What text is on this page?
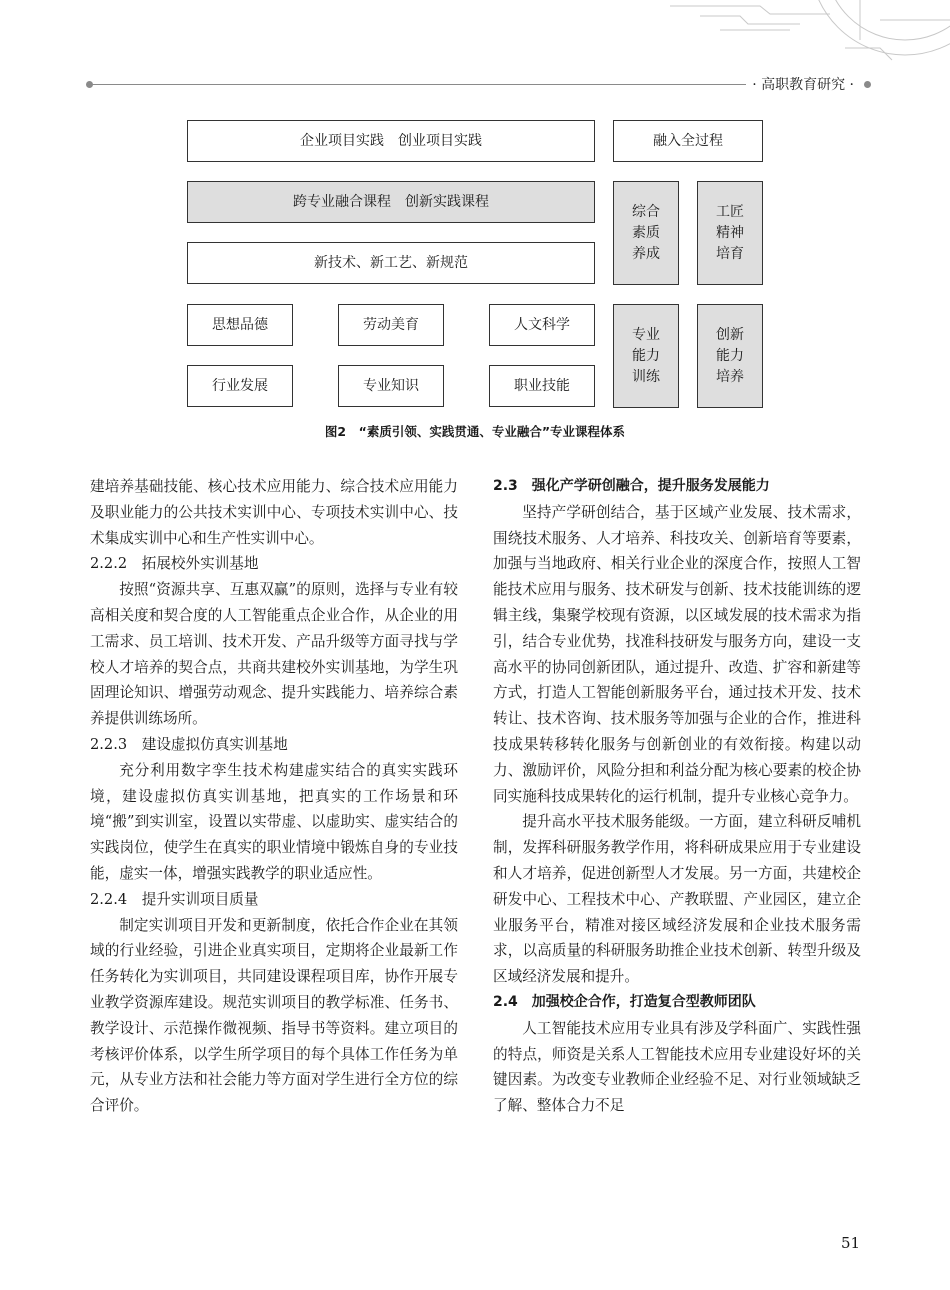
· 高职教育研究 ·
企业项目实践　创业项目实践
跨专业融合课程　创新实践课程
新技术、新工艺、新规范
思想品德	劳动美育	人文科学
行业发展	专业知识	职业技能
融入全过程
综合素质养成
工匠精神培育
专业能力训练
创新能力培养
图2　“素质引领、实践贯通、专业融合”专业课程体系

建培养基础技能、核心技术应用能力、综合技术应用能力及职业能力的公共技术实训中心、专项技术实训中心、技术集成实训中心和生产性实训中心。

2.2.2　拓展校外实训基地

按照“资源共享、互惠双赢”的原则，选择与专业有较高相关度和契合度的人工智能重点企业合作，从企业的用工需求、员工培训、技术开发、产品升级等方面寻找与学校人才培养的契合点，共商共建校外实训基地，为学生巩固理论知识、增强劳动观念、提升实践能力、培养综合素养提供训练场所。

2.2.3　建设虚拟仿真实训基地

充分利用数字孪生技术构建虚实结合的真实实践环境，建设虚拟仿真实训基地，把真实的工作场景和环境“搬”到实训室，设置以实带虚、以虚助实、虚实结合的实践岗位，使学生在真实的职业情境中锻炼自身的专业技能，虚实一体，增强实践教学的职业适应性。

2.2.4　提升实训项目质量

制定实训项目开发和更新制度，依托合作企业在其领域的行业经验，引进企业真实项目，定期将企业最新工作任务转化为实训项目，共同建设课程项目库，协作开展专业教学资源库建设。规范实训项目的教学标准、任务书、教学设计、示范操作微视频、指导书等资料。建立项目的考核评价体系，以学生所学项目的每个具体工作任务为单元，从专业方法和社会能力等方面对学生进行全方位的综合评价。

2.3　强化产学研创融合，提升服务发展能力

坚持产学研创结合，基于区域产业发展、技术需求，围绕技术服务、人才培养、科技攻关、创新培育等要素，加强与当地政府、相关行业企业的深度合作，按照人工智能技术应用与服务、技术研发与创新、技术技能训练的逻辑主线，集聚学校现有资源，以区域发展的技术需求为指引，结合专业优势，找准科技研发与服务方向，建设一支高水平的协同创新团队，通过提升、改造、扩容和新建等方式，打造人工智能创新服务平台，通过技术开发、技术转让、技术咨询、技术服务等加强与企业的合作，推进科技成果转移转化服务与创新创业的有效衔接。构建以动力、激励评价，风险分担和利益分配为核心要素的校企协同实施科技成果转化的运行机制，提升专业核心竞争力。

提升高水平技术服务能级。一方面，建立科研反哺机制，发挥科研服务教学作用，将科研成果应用于专业建设和人才培养，促进创新型人才发展。另一方面，共建校企研发中心、工程技术中心、产教联盟、产业园区，建立企业服务平台，精准对接区域经济发展和企业技术服务需求，以高质量的科研服务助推企业技术创新、转型升级及区域经济发展和提升。

2.4　加强校企合作，打造复合型教师团队

人工智能技术应用专业具有涉及学科面广、实践性强的特点，师资是关系人工智能技术应用专业建设好坏的关键因素。为改变专业教师企业经验不足、对行业领域缺乏了解、整体合力不足

51
